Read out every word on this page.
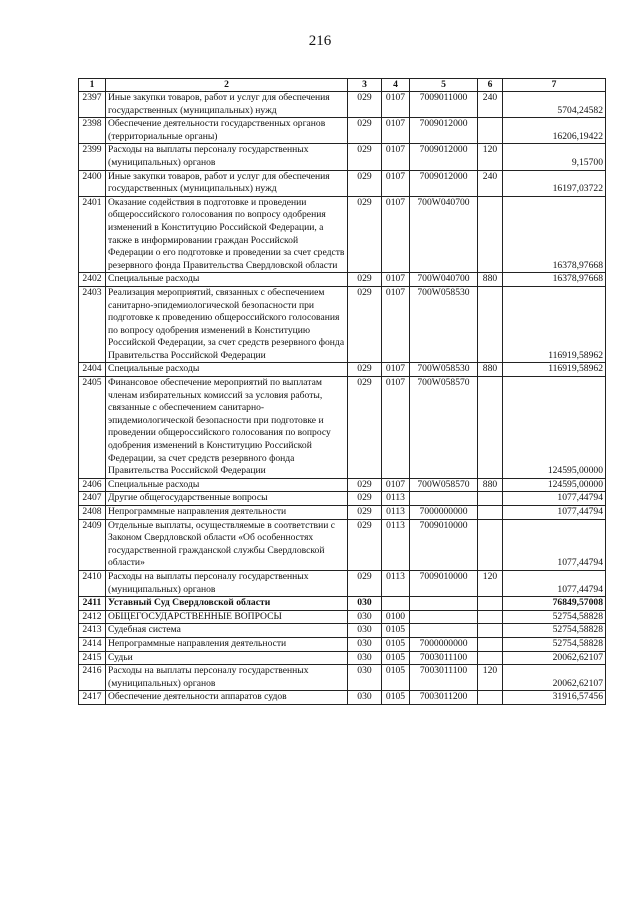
216
1	2	3	4	5	6	7
2397	Иные закупки товаров, работ и услуг для обеспечения государственных (муниципальных) нужд	029	0107	7009011000	240	5704,24582
2398	Обеспечение деятельности государственных органов (территориальные органы)	029	0107	7009012000		16206,19422
2399	Расходы на выплаты персоналу государственных (муниципальных) органов	029	0107	7009012000	120	9,15700
2400	Иные закупки товаров, работ и услуг для обеспечения государственных (муниципальных) нужд	029	0107	7009012000	240	16197,03722
2401	Оказание содействия в подготовке и проведении общероссийского голосования по вопросу одобрения изменений в Конституцию Российской Федерации, а также в информировании граждан Российской Федерации о его подготовке и проведении за счет средств резервного фонда Правительства Свердловской области	029	0107	700W040700		16378,97668
2402	Специальные расходы	029	0107	700W040700	880	16378,97668
2403	Реализация мероприятий, связанных с обеспечением санитарно-эпидемиологической безопасности при подготовке к проведению общероссийского голосования по вопросу одобрения изменений в Конституцию Российской Федерации, за счет средств резервного фонда Правительства Российской Федерации	029	0107	700W058530		116919,58962
2404	Специальные расходы	029	0107	700W058530	880	116919,58962
2405	Финансовое обеспечение мероприятий по выплатам членам избирательных комиссий за условия работы, связанные с обеспечением санитарно-эпидемиологической безопасности при подготовке и проведении общероссийского голосования по вопросу одобрения изменений в Конституцию Российской Федерации, за счет средств резервного фонда Правительства Российской Федерации	029	0107	700W058570		124595,00000
2406	Специальные расходы	029	0107	700W058570	880	124595,00000
2407	Другие общегосударственные вопросы	029	0113			1077,44794
2408	Непрограммные направления деятельности	029	0113	7000000000		1077,44794
2409	Отдельные выплаты, осуществляемые в соответствии с Законом Свердловской области «Об особенностях государственной гражданской службы Свердловской области»	029	0113	7009010000		1077,44794
2410	Расходы на выплаты персоналу государственных (муниципальных) органов	029	0113	7009010000	120	1077,44794
2411	Уставный Суд Свердловской области	030				76849,57008
2412	ОБЩЕГОСУДАРСТВЕННЫЕ ВОПРОСЫ	030	0100			52754,58828
2413	Судебная система	030	0105			52754,58828
2414	Непрограммные направления деятельности	030	0105	7000000000		52754,58828
2415	Судьи	030	0105	7003011100		20062,62107
2416	Расходы на выплаты персоналу государственных (муниципальных) органов	030	0105	7003011100	120	20062,62107
2417	Обеспечение деятельности аппаратов судов	030	0105	7003011200		31916,57456
